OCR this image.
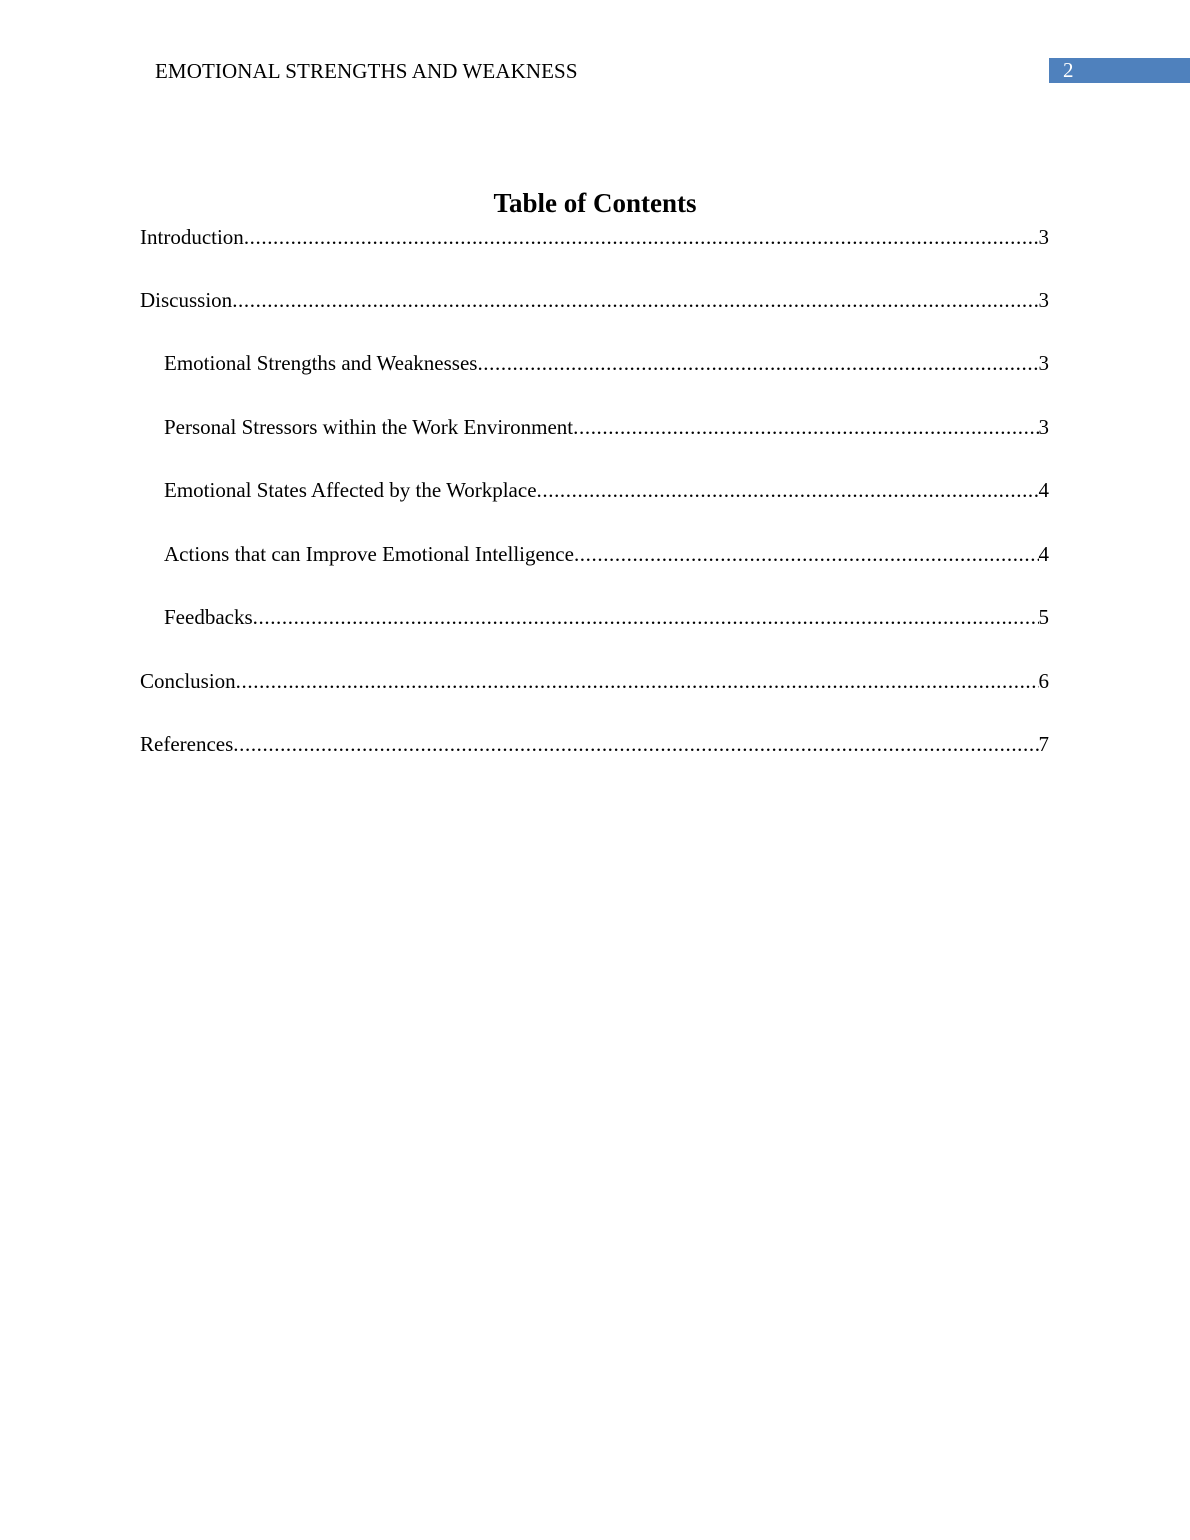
EMOTIONAL STRENGTHS AND WEAKNESS	2
Table of Contents
Introduction .....	3
Discussion .....	3
Emotional Strengths and Weaknesses .....	3
Personal Stressors within the Work Environment .....	3
Emotional States Affected by the Workplace .....	4
Actions that can Improve Emotional Intelligence .....	4
Feedbacks .....	5
Conclusion .....	6
References .....	7
